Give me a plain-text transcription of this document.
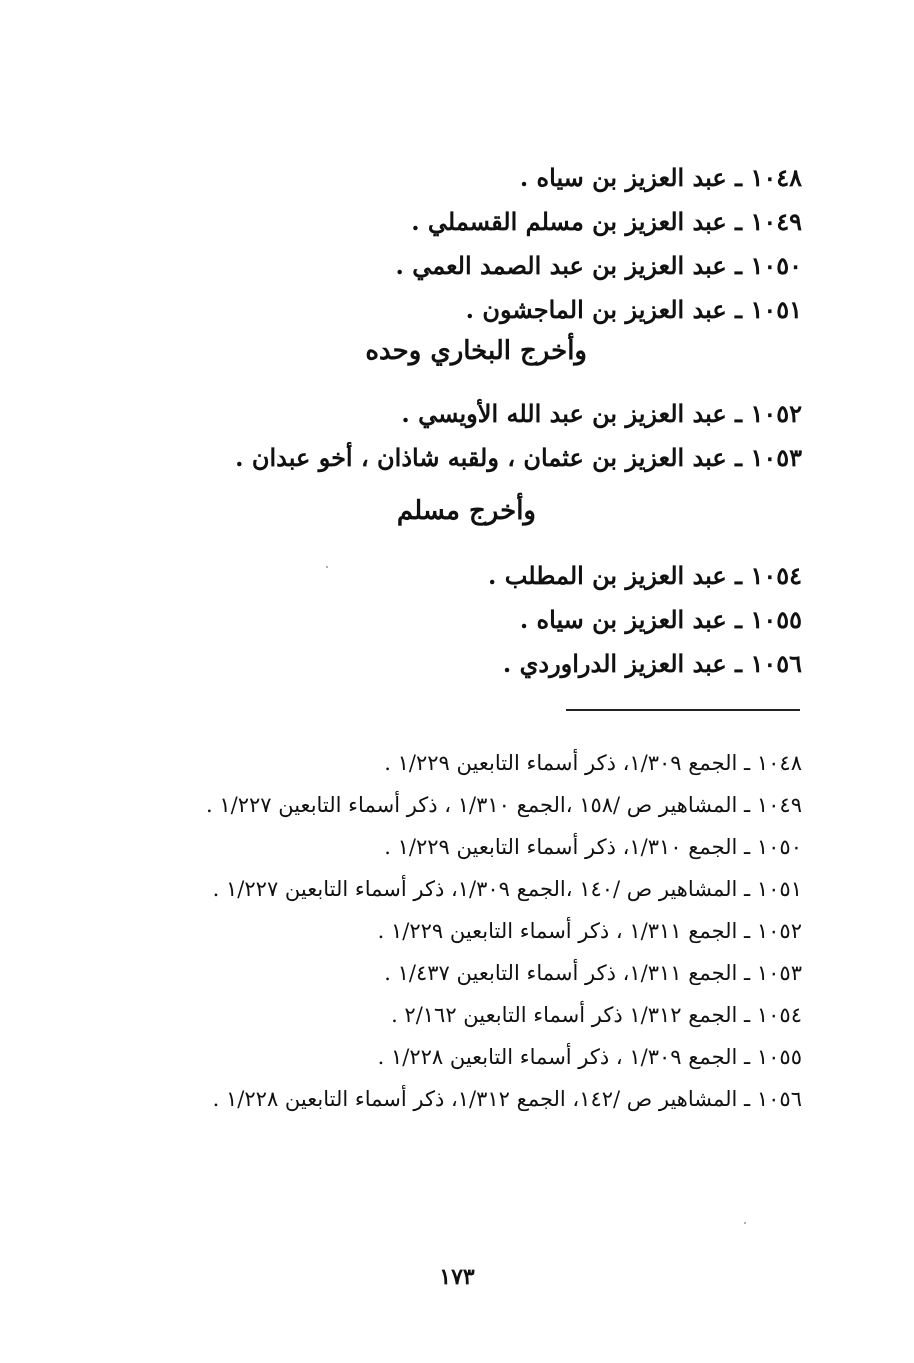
١٠٤٨ ـ عبد العزيز بن سياه .
١٠٤٩ ـ عبد العزيز بن مسلم القسملي .
١٠٥٠ ـ عبد العزيز بن عبد الصمد العمي .
١٠٥١ ـ عبد العزيز بن الماجشون .
وأخرج البخاري وحده
١٠٥٢ ـ عبد العزيز بن عبد الله الأويسي .
١٠٥٣ ـ عبد العزيز بن عثمان ، ولقبه شاذان ، أخو عبدان .
وأخرج مسلم
١٠٥٤ ـ عبد العزيز بن المطلب .
١٠٥٥ ـ عبد العزيز بن سياه .
١٠٥٦ ـ عبد العزيز الدراوردي .
١٠٤٨ ـ الجمع ١/٣٠٩، ذكر أسماء التابعين ١/٢٢٩ .
١٠٤٩ ـ المشاهير ص /١٥٨ ،الجمع ١/٣١٠ ، ذكر أسماء التابعين ١/٢٢٧ .
١٠٥٠ ـ الجمع ١/٣١٠، ذكر أسماء التابعين ١/٢٢٩ .
١٠٥١ ـ المشاهير ص /١٤٠ ،الجمع ١/٣٠٩، ذكر أسماء التابعين ١/٢٢٧ .
١٠٥٢ ـ الجمع ١/٣١١ ، ذكر أسماء التابعين ١/٢٢٩ .
١٠٥٣ ـ الجمع ١/٣١١، ذكر أسماء التابعين ١/٤٣٧ .
١٠٥٤ ـ الجمع ١/٣١٢ ذكر أسماء التابعين ٢/١٦٢ .
١٠٥٥ ـ الجمع ١/٣٠٩ ، ذكر أسماء التابعين ١/٢٢٨ .
١٠٥٦ ـ المشاهير ص /١٤٢، الجمع ١/٣١٢، ذكر أسماء التابعين ١/٢٢٨ .
١٧٣
